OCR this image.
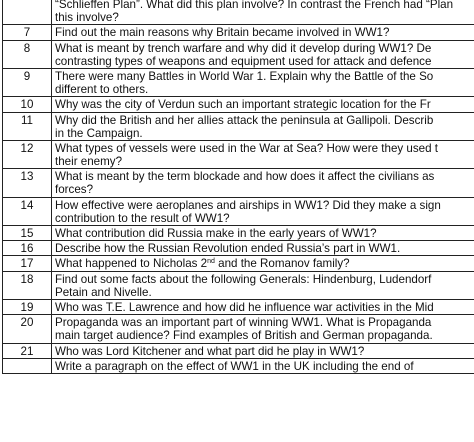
	“Schlieffen Plan”. What did this plan involve? In contrast the French had “Plan
this involve?

7	Find out the main reasons why Britain became involved in WW1?

8	What is meant by trench warfare and why did it develop during WW1? De
contrasting types of weapons and equipment used for attack and defence

9	There were many Battles in World War 1. Explain why the Battle of the So
different to others.

10	Why was the city of Verdun such an important strategic location for the Fr

11	Why did the British and her allies attack the peninsula at Gallipoli. Describ
in the Campaign.

12	What types of vessels were used in the War at Sea? How were they used t
their enemy?

13	What is meant by the term blockade and how does it affect the civilians as
forces?

14	How effective were aeroplanes and airships in WW1? Did they make a sign
contribution to the result of WW1?

15	What contribution did Russia make in the early years of WW1?

16	Describe how the Russian Revolution ended Russia’s part in WW1.

17	What happened to Nicholas 2nd and the Romanov family?

18	Find out some facts about the following Generals: Hindenburg, Ludendorf
Petain and Nivelle.

19	Who was T.E. Lawrence and how did he influence war activities in the Mid

20	Propaganda was an important part of winning WW1. What is Propaganda
main target audience? Find examples of British and German propaganda.

21	Who was Lord Kitchener and what part did he play in WW1?

	Write a paragraph on the effect of WW1 in the UK including the end of
